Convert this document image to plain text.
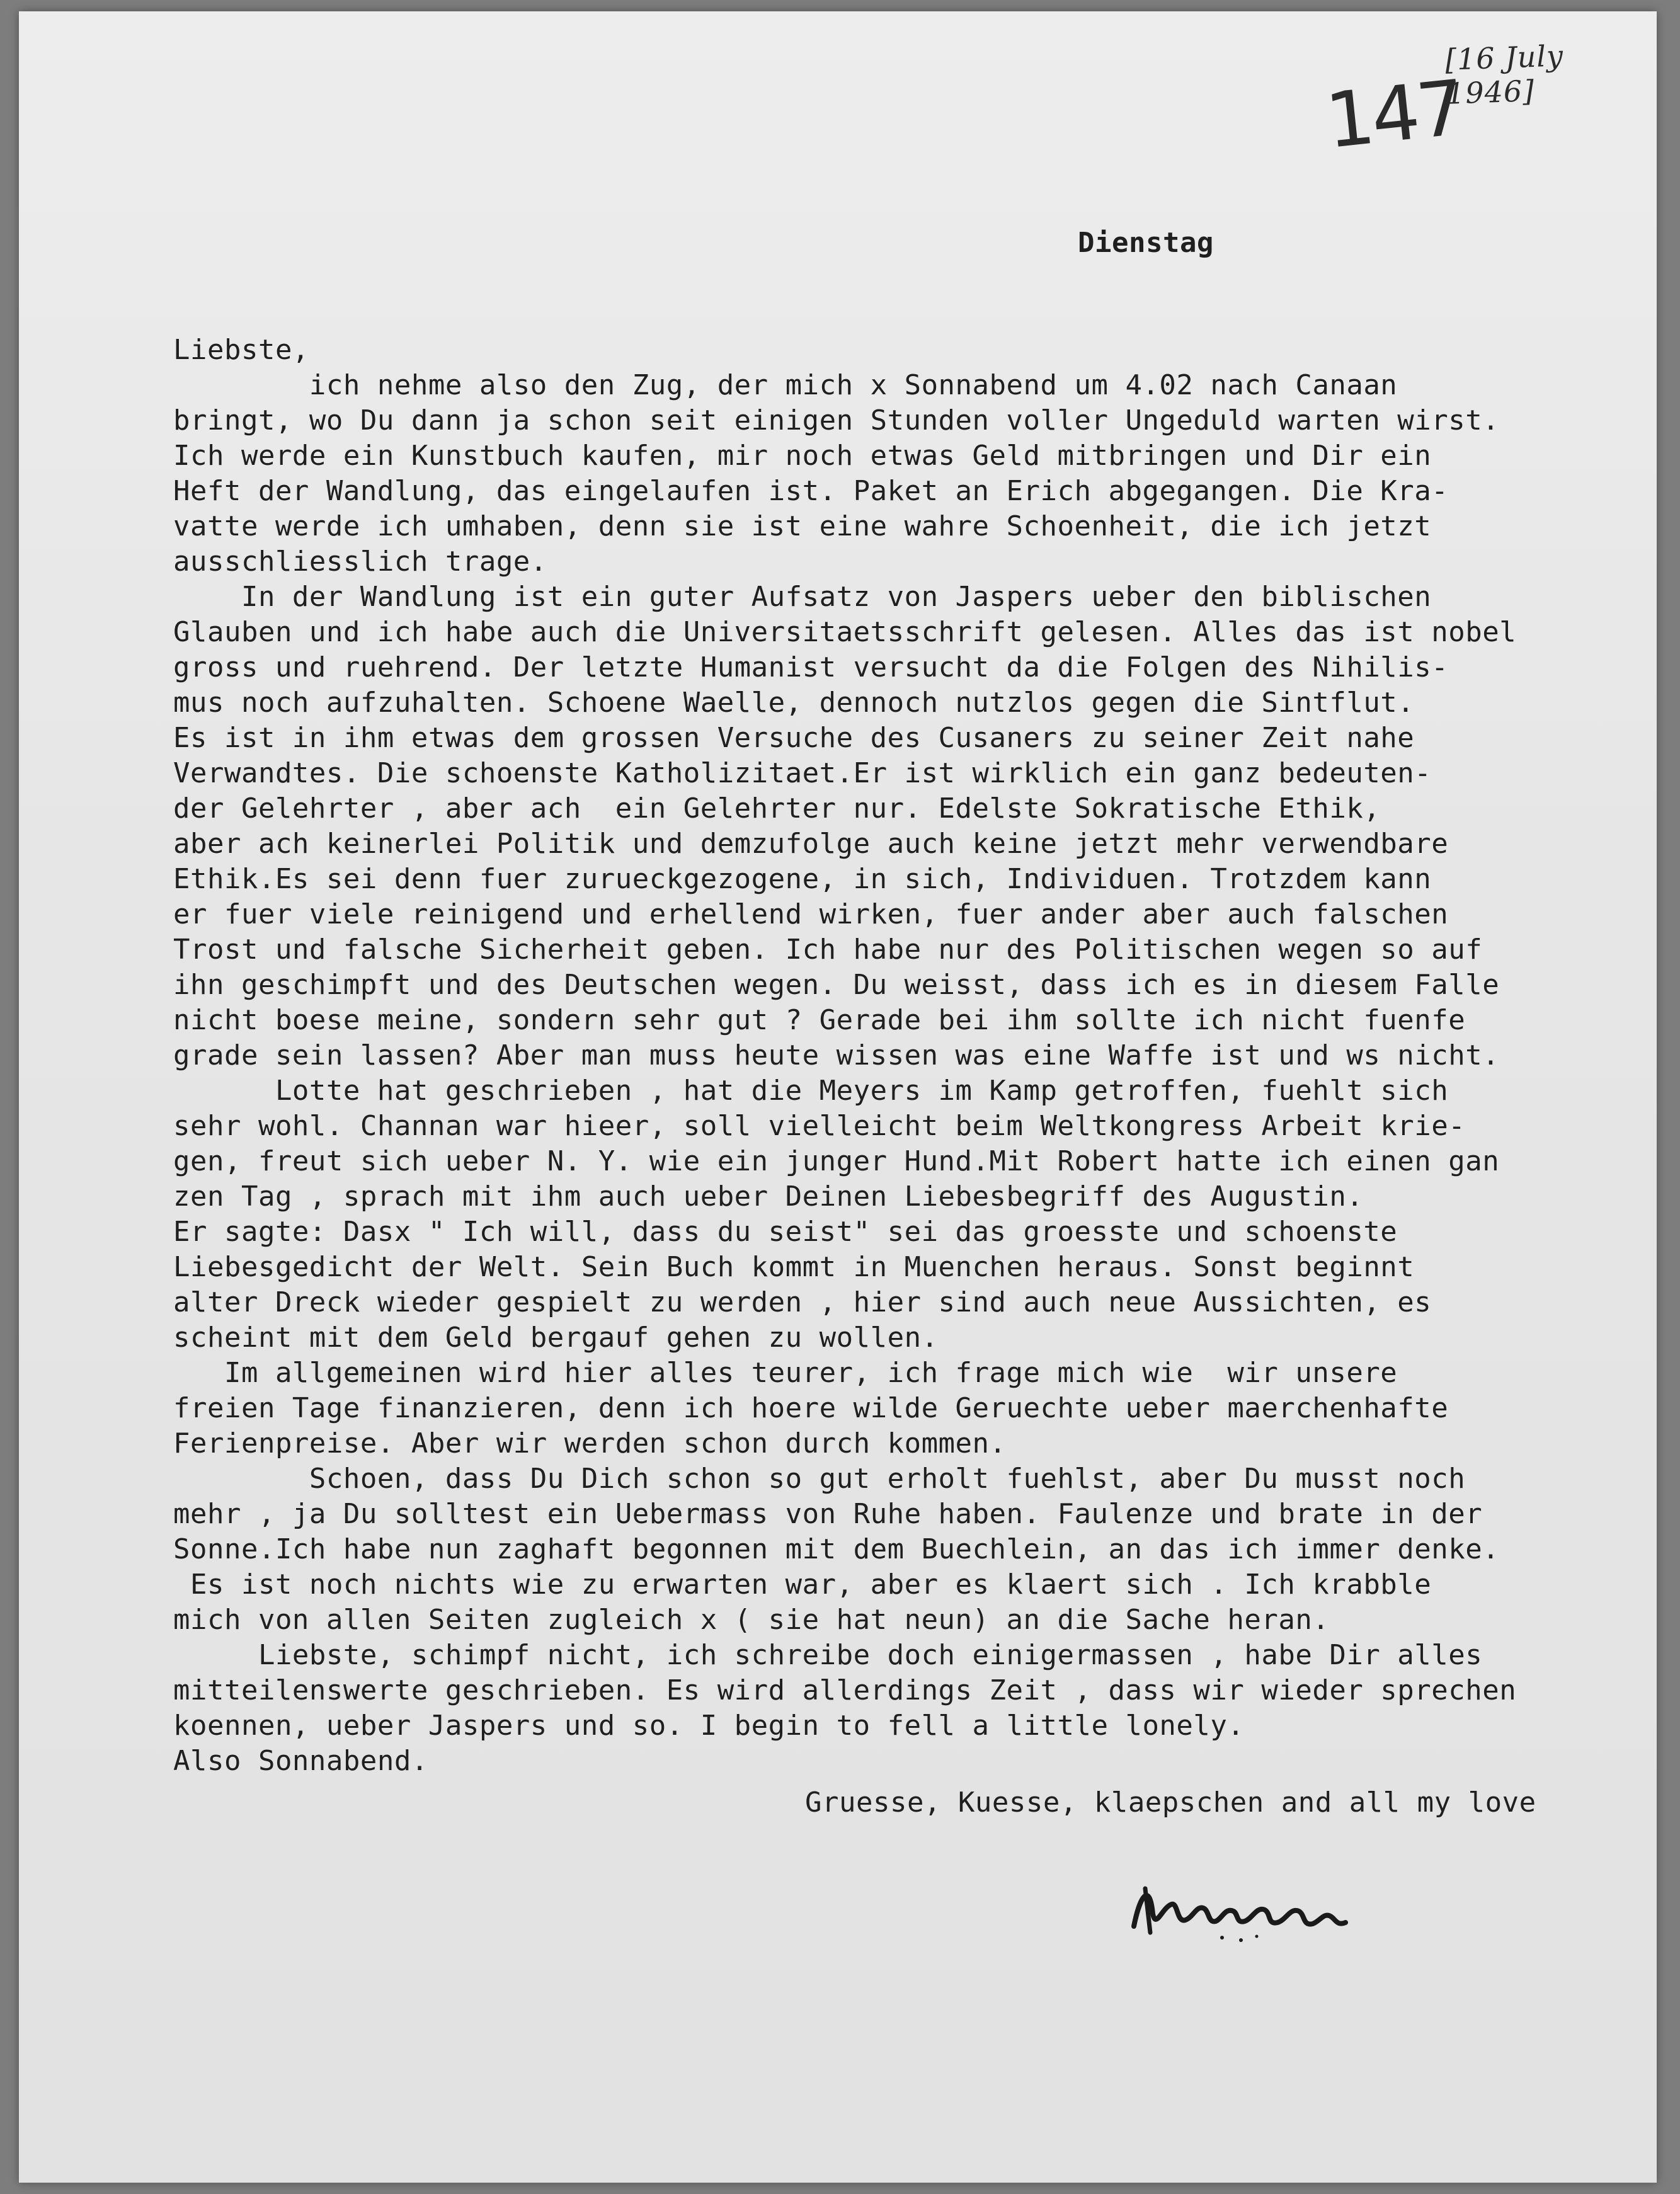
[16 July 1946]
147
Dienstag
Liebste,
ich nehme also den Zug, der mich x Sonnabend um 4.02 nach Canaan
bringt, wo Du dann ja schon seit einigen Stunden voller Ungeduld warten wirst.
Ich werde ein Kunstbuch kaufen, mir noch etwas Geld mitbringen und Dir ein
Heft der Wandlung, das eingelaufen ist. Paket an Erich abgegangen. Die Kra-
vatte werde ich umhaben, denn sie ist eine wahre Schoenheit, die ich jetzt
ausschliesslich trage.
In der Wandlung ist ein guter Aufsatz von Jaspers ueber den biblischen
Glauben und ich habe auch die Universitaetsschrift gelesen. Alles das ist nobel
gross und ruehrend. Der letzte Humanist versucht da die Folgen des Nihilis-
mus noch aufzuhalten. Schoene Waelle, dennoch nutzlos gegen die Sintflut.
Es ist in ihm etwas dem grossen Versuche des Cusaners zu seiner Zeit nahe
Verwandtes. Die schoenste Katholizitaet.Er ist wirklich ein ganz bedeuten-
der Gelehrter , aber ach  ein Gelehrter nur. Edelste Sokratische Ethik,
aber ach keinerlei Politik und demzufolge auch keine jetzt mehr verwendbare
Ethik.Es sei denn fuer zurueckgezogene, in sich, Individuen. Trotzdem kann
er fuer viele reinigend und erhellend wirken, fuer ander aber auch falschen
Trost und falsche Sicherheit geben. Ich habe nur des Politischen wegen so auf
ihn geschimpft und des Deutschen wegen. Du weisst, dass ich es in diesem Falle
nicht boese meine, sondern sehr gut ? Gerade bei ihm sollte ich nicht fuenfe
grade sein lassen? Aber man muss heute wissen was eine Waffe ist und ws nicht.
Lotte hat geschrieben , hat die Meyers im Kamp getroffen, fuehlt sich
sehr wohl. Channan war hieer, soll vielleicht beim Weltkongress Arbeit krie-
gen, freut sich ueber N. Y. wie ein junger Hund.Mit Robert hatte ich einen gan
zen Tag , sprach mit ihm auch ueber Deinen Liebesbegriff des Augustin.
Er sagte: Dasx " Ich will, dass du seist" sei das groesste und schoenste
Liebesgedicht der Welt. Sein Buch kommt in Muenchen heraus. Sonst beginnt
alter Dreck wieder gespielt zu werden , hier sind auch neue Aussichten, es
scheint mit dem Geld bergauf gehen zu wollen.
Im allgemeinen wird hier alles teurer, ich frage mich wie  wir unsere
freien Tage finanzieren, denn ich hoere wilde Geruechte ueber maerchenhafte
Ferienpreise. Aber wir werden schon durch kommen.
Schoen, dass Du Dich schon so gut erholt fuehlst, aber Du musst noch
mehr , ja Du solltest ein Uebermass von Ruhe haben. Faulenze und brate in der
Sonne.Ich habe nun zaghaft begonnen mit dem Buechlein, an das ich immer denke.
Es ist noch nichts wie zu erwarten war, aber es klaert sich . Ich krabble
mich von allen Seiten zugleich x ( sie hat neun) an die Sache heran.
Liebste, schimpf nicht, ich schreibe doch einigermassen , habe Dir alles
mitteilenswerte geschrieben. Es wird allerdings Zeit , dass wir wieder sprechen
koennen, ueber Jaspers und so. I begin to fell a little lonely.
Also Sonnabend.
Gruesse, Kuesse, klaepschen and all my love
